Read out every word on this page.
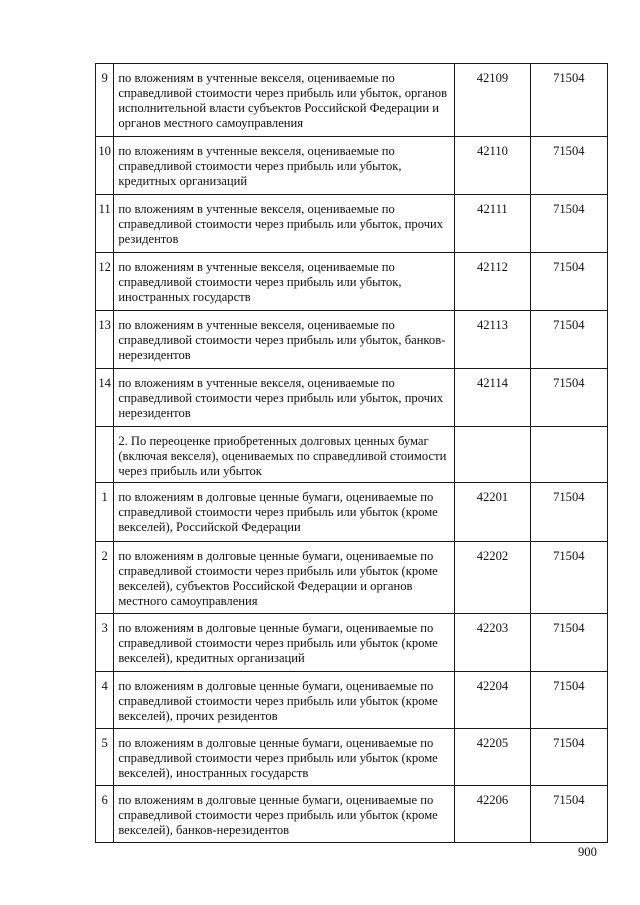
9	по вложениям в учтенные векселя, оцениваемые по справедливой стоимости через прибыль или убыток, органов исполнительной власти субъектов Российской Федерации и органов местного самоуправления	42109	71504
10	по вложениям в учтенные векселя, оцениваемые по справедливой стоимости через прибыль или убыток, кредитных организаций	42110	71504
11	по вложениям в учтенные векселя, оцениваемые по справедливой стоимости через прибыль или убыток, прочих резидентов	42111	71504
12	по вложениям в учтенные векселя, оцениваемые по справедливой стоимости через прибыль или убыток, иностранных государств	42112	71504
13	по вложениям в учтенные векселя, оцениваемые по справедливой стоимости через прибыль или убыток, банков-нерезидентов	42113	71504
14	по вложениям в учтенные векселя, оцениваемые по справедливой стоимости через прибыль или убыток, прочих нерезидентов	42114	71504
	2. По переоценке приобретенных долговых ценных бумаг (включая векселя), оцениваемых по справедливой стоимости через прибыль или убыток		
1	по вложениям в долговые ценные бумаги, оцениваемые по справедливой стоимости через прибыль или убыток (кроме векселей), Российской Федерации	42201	71504
2	по вложениям в долговые ценные бумаги, оцениваемые по справедливой стоимости через прибыль или убыток (кроме векселей), субъектов Российской Федерации и органов местного самоуправления	42202	71504
3	по вложениям в долговые ценные бумаги, оцениваемые по справедливой стоимости через прибыль или убыток (кроме векселей), кредитных организаций	42203	71504
4	по вложениям в долговые ценные бумаги, оцениваемые по справедливой стоимости через прибыль или убыток (кроме векселей), прочих резидентов	42204	71504
5	по вложениям в долговые ценные бумаги, оцениваемые по справедливой стоимости через прибыль или убыток (кроме векселей), иностранных государств	42205	71504
6	по вложениям в долговые ценные бумаги, оцениваемые по справедливой стоимости через прибыль или убыток (кроме векселей), банков-нерезидентов	42206	71504
900
